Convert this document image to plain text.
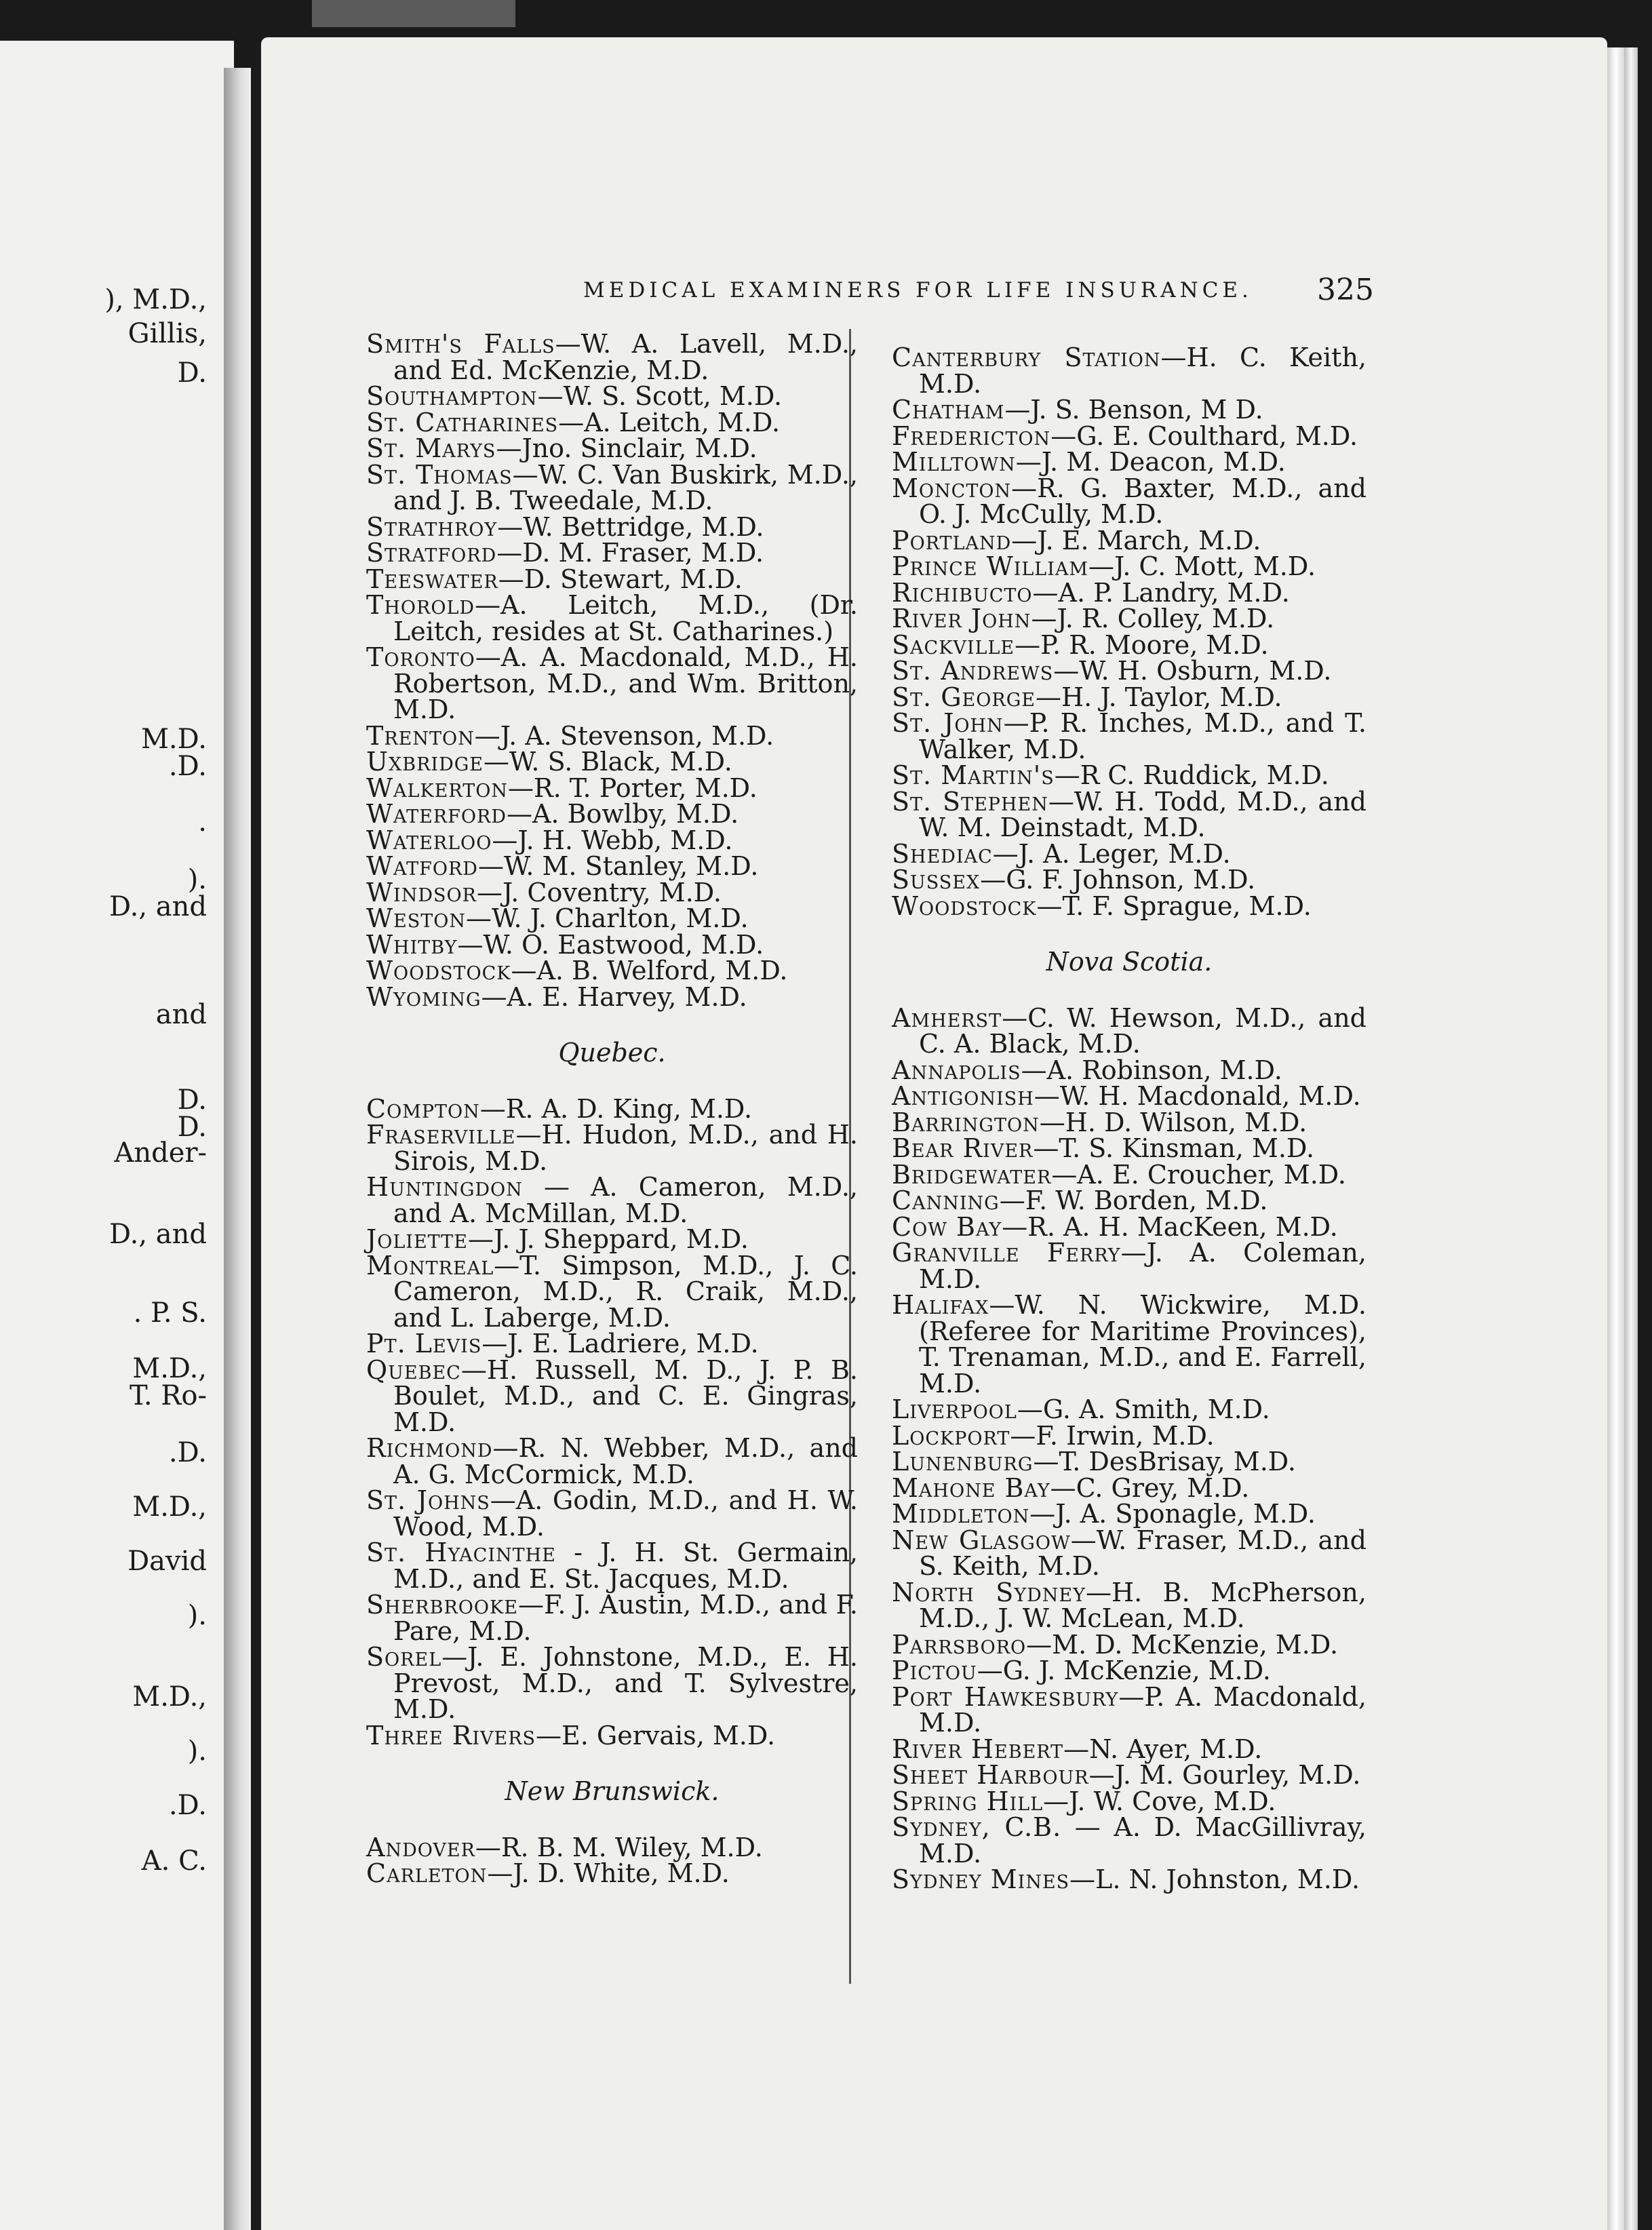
), M.D.,
Gillis,
D.
M.D.
.D.
.
).
D., and
and
D.
D.
Ander-
D., and
. P. S.
M.D.,
T. Ro-
.D.
M.D.,
David
).
M.D.,
).
.D.
A. C.
MEDICAL EXAMINERS FOR LIFE INSURANCE.	325

Smith's Falls—W. A. Lavell, M.D., and Ed. McKenzie, M.D.

Southampton—W. S. Scott, M.D.

St. Catharines—A. Leitch, M.D.

St. Marys—Jno. Sinclair, M.D.

St. Thomas—W. C. Van Buskirk, M.D., and J. B. Tweedale, M.D.

Strathroy—W. Bettridge, M.D.

Stratford—D. M. Fraser, M.D.

Teeswater—D. Stewart, M.D.

Thorold—A. Leitch, M.D., (Dr. Leitch, resides at St. Catharines.)

Toronto—A. A. Macdonald, M.D., H. Robertson, M.D., and Wm. Britton, M.D.

Trenton—J. A. Stevenson, M.D.

Uxbridge—W. S. Black, M.D.

Walkerton—R. T. Porter, M.D.

Waterford—A. Bowlby, M.D.

Waterloo—J. H. Webb, M.D.

Watford—W. M. Stanley, M.D.

Windsor—J. Coventry, M.D.

Weston—W. J. Charlton, M.D.

Whitby—W. O. Eastwood, M.D.

Woodstock—A. B. Welford, M.D.

Wyoming—A. E. Harvey, M.D.

Quebec.

Compton—R. A. D. King, M.D.

Fraserville—H. Hudon, M.D., and H. Sirois, M.D.

Huntingdon — A. Cameron, M.D., and A. McMillan, M.D.

Joliette—J. J. Sheppard, M.D.

Montreal—T. Simpson, M.D., J. C. Cameron, M.D., R. Craik, M.D., and L. Laberge, M.D.

Pt. Levis—J. E. Ladriere, M.D.

Quebec—H. Russell, M. D., J. P. B. Boulet, M.D., and C. E. Gingras, M.D.

Richmond—R. N. Webber, M.D., and A. G. McCormick, M.D.

St. Johns—A. Godin, M.D., and H. W. Wood, M.D.

St. Hyacinthe - J. H. St. Germain, M.D., and E. St. Jacques, M.D.

Sherbrooke—F. J. Austin, M.D., and F. Pare, M.D.

Sorel—J. E. Johnstone, M.D., E. H. Prevost, M.D., and T. Sylvestre, M.D.

Three Rivers—E. Gervais, M.D.

New Brunswick.

Andover—R. B. M. Wiley, M.D.

Carleton—J. D. White, M.D.

Canterbury Station—H. C. Keith, M.D.

Chatham—J. S. Benson, M D.

Fredericton—G. E. Coulthard, M.D.

Milltown—J. M. Deacon, M.D.

Moncton—R. G. Baxter, M.D., and O. J. McCully, M.D.

Portland—J. E. March, M.D.

Prince William—J. C. Mott, M.D.

Richibucto—A. P. Landry, M.D.

River John—J. R. Colley, M.D.

Sackville—P. R. Moore, M.D.

St. Andrews—W. H. Osburn, M.D.

St. George—H. J. Taylor, M.D.

St. John—P. R. Inches, M.D., and T. Walker, M.D.

St. Martin's—R C. Ruddick, M.D.

St. Stephen—W. H. Todd, M.D., and W. M. Deinstadt, M.D.

Shediac—J. A. Leger, M.D.

Sussex—G. F. Johnson, M.D.

Woodstock—T. F. Sprague, M.D.

Nova Scotia.

Amherst—C. W. Hewson, M.D., and C. A. Black, M.D.

Annapolis—A. Robinson, M.D.

Antigonish—W. H. Macdonald, M.D.

Barrington—H. D. Wilson, M.D.

Bear River—T. S. Kinsman, M.D.

Bridgewater—A. E. Croucher, M.D.

Canning—F. W. Borden, M.D.

Cow Bay—R. A. H. MacKeen, M.D.

Granville Ferry—J. A. Coleman, M.D.

Halifax—W. N. Wickwire, M.D. (Referee for Maritime Provinces), T. Trenaman, M.D., and E. Farrell, M.D.

Liverpool—G. A. Smith, M.D.

Lockport—F. Irwin, M.D.

Lunenburg—T. DesBrisay, M.D.

Mahone Bay—C. Grey, M.D.

Middleton—J. A. Sponagle, M.D.

New Glasgow—W. Fraser, M.D., and S. Keith, M.D.

North Sydney—H. B. McPherson, M.D., J. W. McLean, M.D.

Parrsboro—M. D. McKenzie, M.D.

Pictou—G. J. McKenzie, M.D.

Port Hawkesbury—P. A. Macdonald, M.D.

River Hebert—N. Ayer, M.D.

Sheet Harbour—J. M. Gourley, M.D.

Spring Hill—J. W. Cove, M.D.

Sydney, C.B. — A. D. MacGillivray, M.D.

Sydney Mines—L. N. Johnston, M.D.
